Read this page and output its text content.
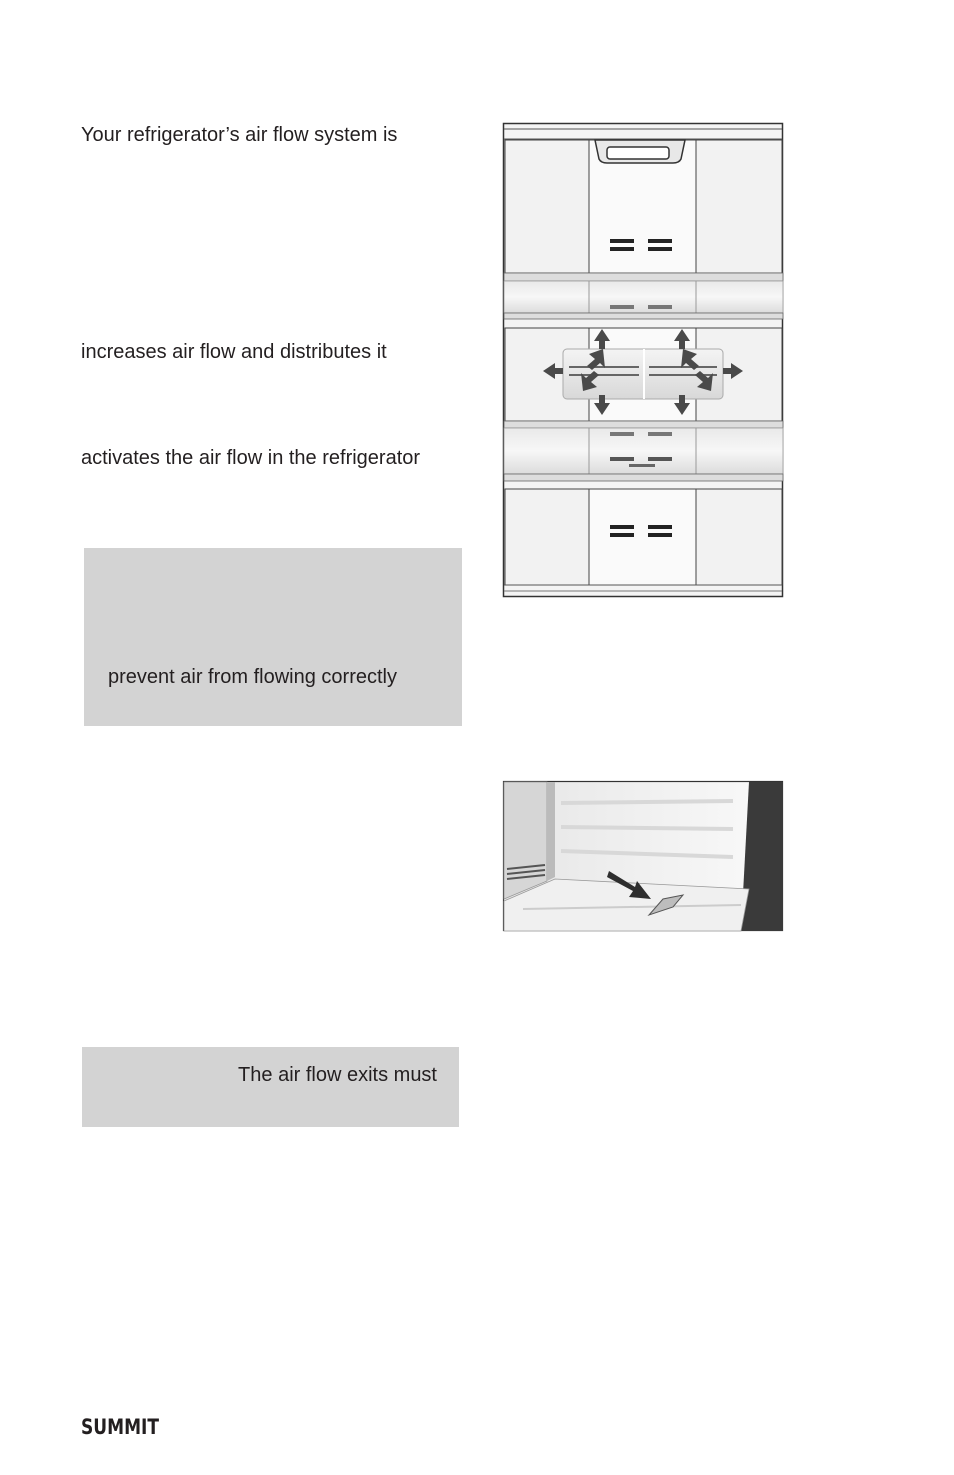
Your refrigerator’s air flow system is
increases air flow and distributes it
activates the air flow in the refrigerator
prevent air from flowing correctly
The air flow exits must
SUMMIT
